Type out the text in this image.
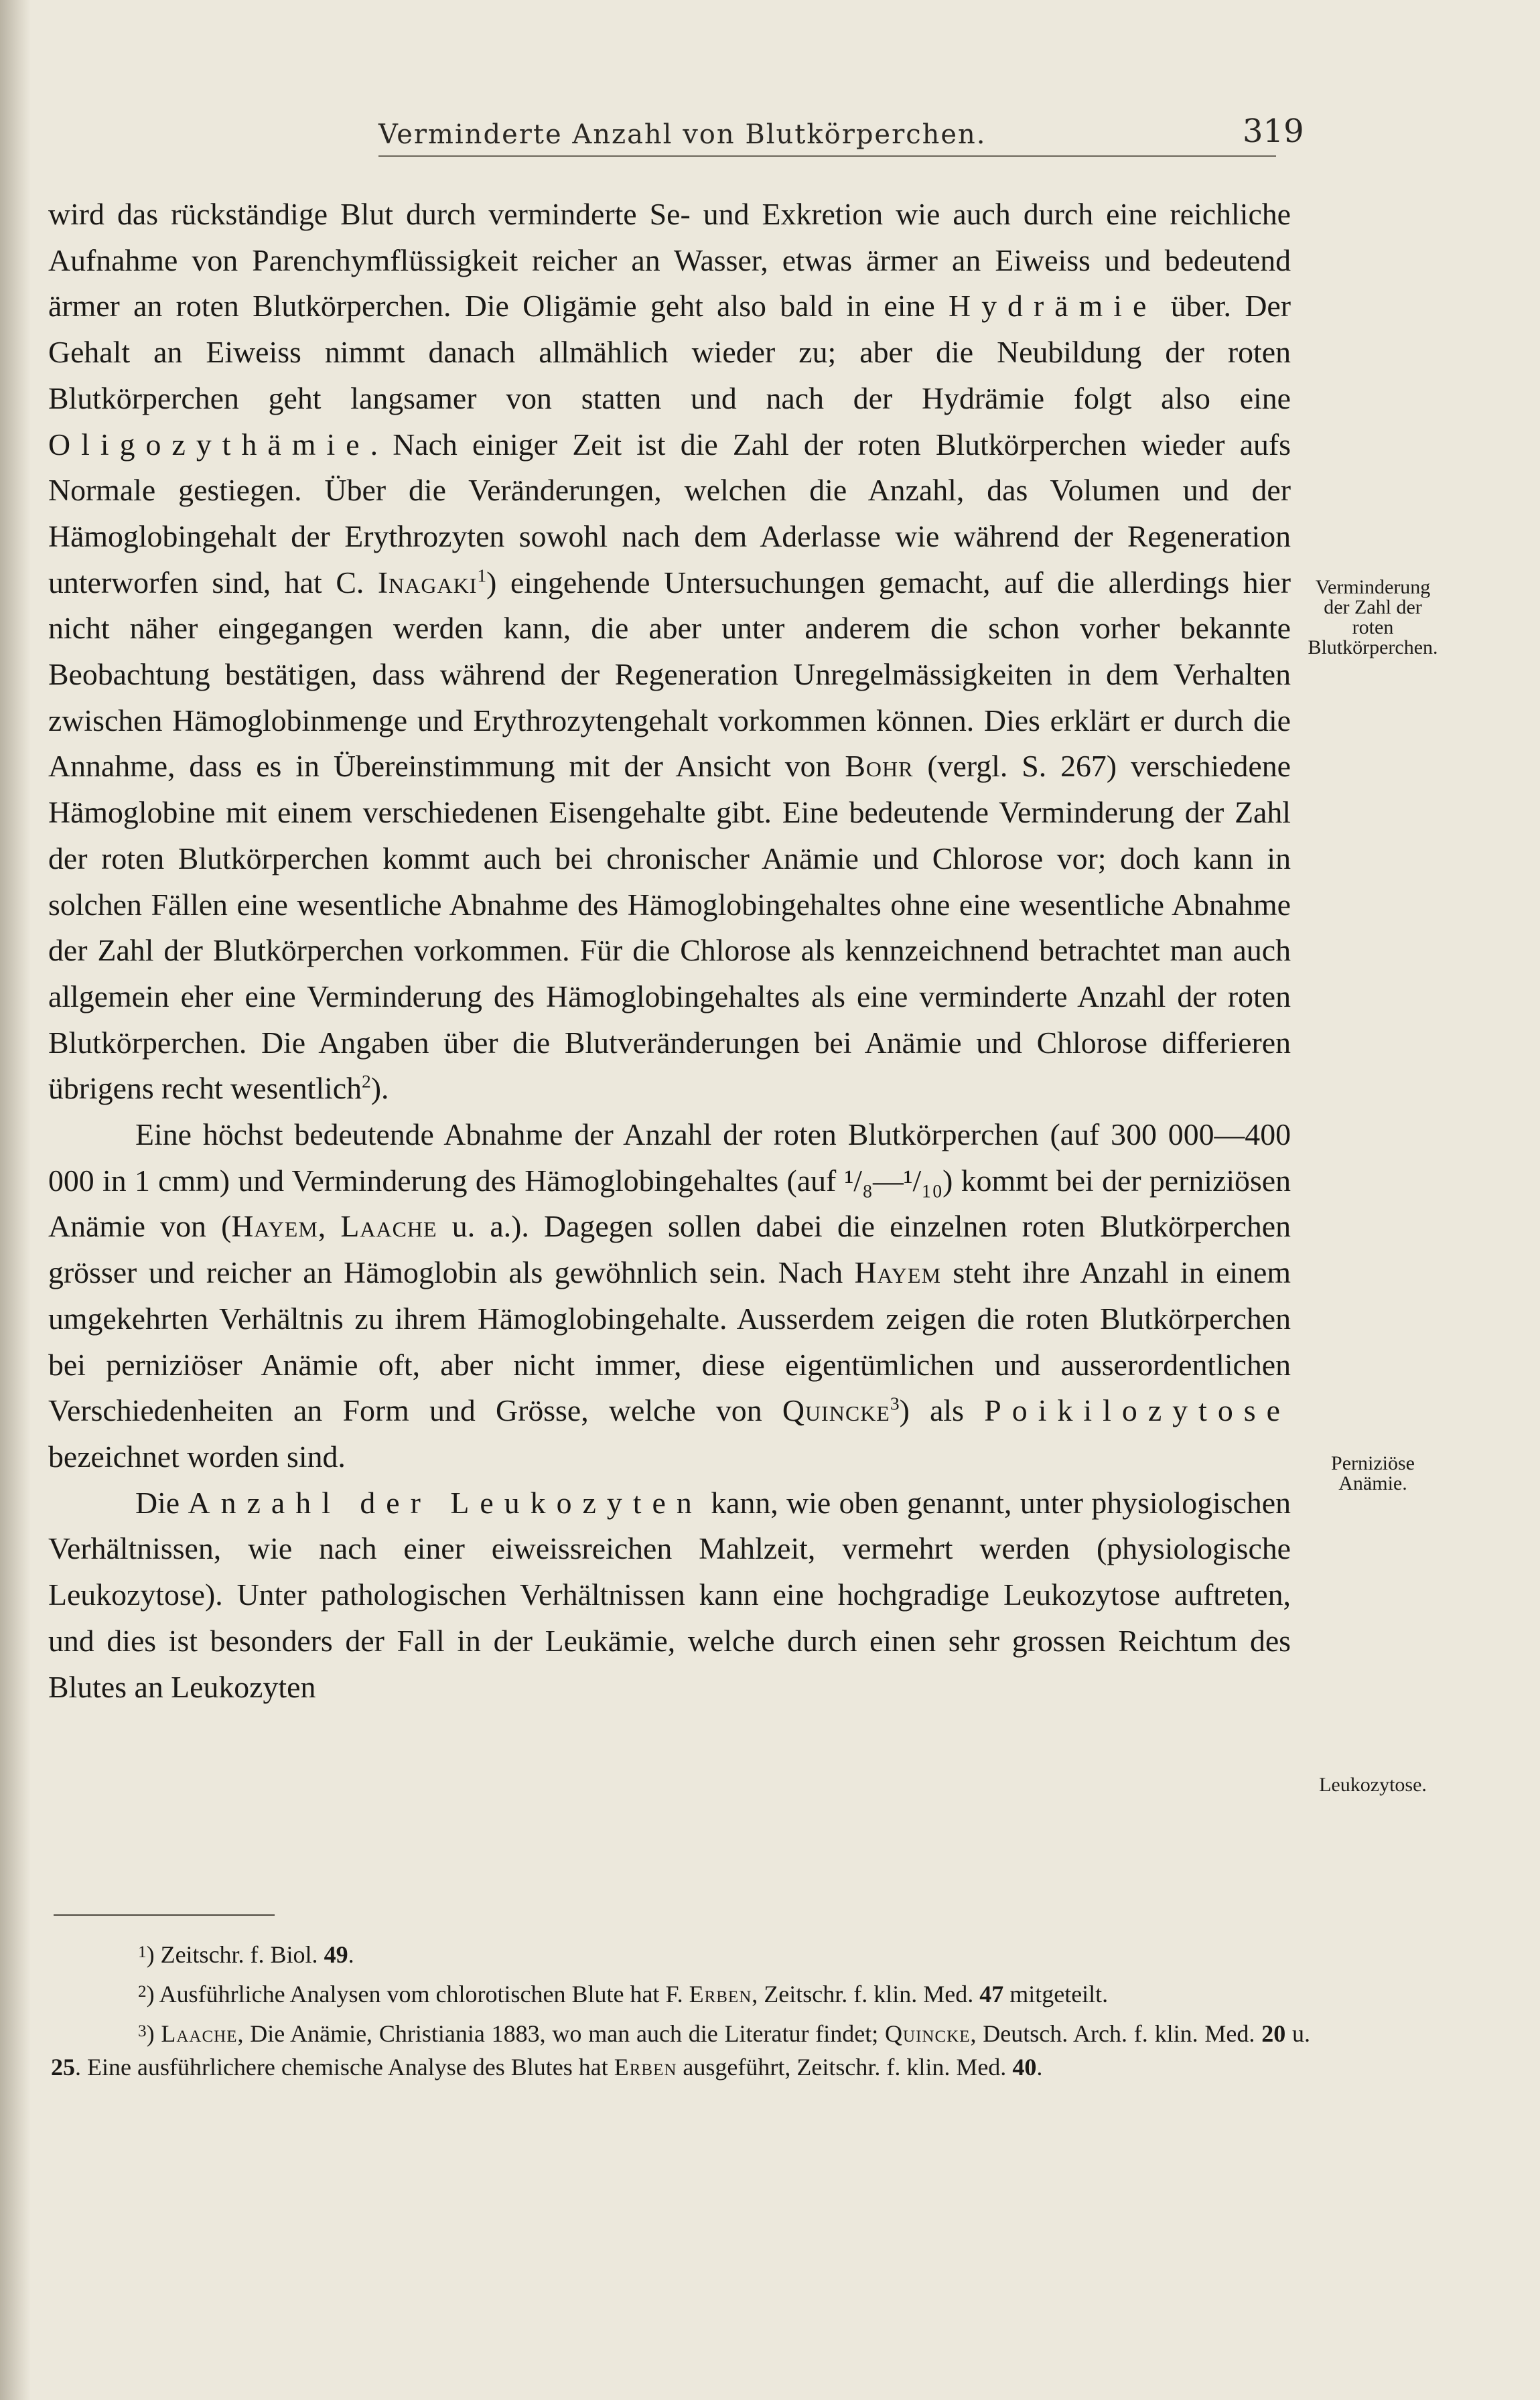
Verminderte Anzahl von Blutkörperchen.	319

wird das rückständige Blut durch verminderte Se- und Exkretion wie auch durch eine reichliche Aufnahme von Parenchymflüssigkeit reicher an Wasser, etwas ärmer an Eiweiss und bedeutend ärmer an roten Blutkörperchen. Die Oligämie geht also bald in eine Hydrämie über. Der Gehalt an Eiweiss nimmt danach allmählich wieder zu; aber die Neubildung der roten Blutkörperchen geht langsamer von statten und nach der Hydrämie folgt also eine Oligozythämie. Nach einiger Zeit ist die Zahl der roten Blutkörperchen wieder aufs Normale gestiegen. Über die Veränderungen, welchen die Anzahl, das Volumen und der Hämoglobingehalt der Erythrozyten sowohl nach dem Aderlasse wie während der Regeneration unterworfen sind, hat C. Inagaki$^1$) eingehende Untersuchungen gemacht, auf die allerdings hier nicht näher eingegangen werden kann, die aber unter anderem die schon vorher bekannte Beobachtung bestätigen, dass während der Regeneration Unregelmässigkeiten in dem Verhalten zwischen Hämoglobinmenge und Erythrozytengehalt vorkommen können. Dies erklärt er durch die Annahme, dass es in Übereinstimmung mit der Ansicht von Bohr (vergl. S. 267) verschiedene Hämoglobine mit einem verschiedenen Eisengehalte gibt. Eine bedeutende Verminderung der Zahl der roten Blutkörperchen kommt auch bei chronischer Anämie und Chlorose vor; doch kann in solchen Fällen eine wesentliche Abnahme des Hämoglobingehaltes ohne eine wesentliche Abnahme der Zahl der Blutkörperchen vorkommen. Für die Chlorose als kennzeichnend betrachtet man auch allgemein eher eine Verminderung des Hämoglobingehaltes als eine verminderte Anzahl der roten Blutkörperchen. Die Angaben über die Blutveränderungen bei Anämie und Chlorose differieren übrigens recht wesentlich$^2$).

Eine höchst bedeutende Abnahme der Anzahl der roten Blutkörperchen (auf 300 000—400 000 in 1 cmm) und Verminderung des Hämoglobingehaltes (auf ¹/₈—¹/₁₀) kommt bei der perniziösen Anämie von (Hayem, Laache u. a.). Dagegen sollen dabei die einzelnen roten Blutkörperchen grösser und reicher an Hämoglobin als gewöhnlich sein. Nach Hayem steht ihre Anzahl in einem umgekehrten Verhältnis zu ihrem Hämoglobingehalte. Ausserdem zeigen die roten Blutkörperchen bei perniziöser Anämie oft, aber nicht immer, diese eigentümlichen und ausserordentlichen Verschiedenheiten an Form und Grösse, welche von Quincke$^3$) als Poikilozytose bezeichnet worden sind.

Die Anzahl der Leukozyten kann, wie oben genannt, unter physiologischen Verhältnissen, wie nach einer eiweissreichen Mahlzeit, vermehrt werden (physiologische Leukozytose). Unter pathologischen Verhältnissen kann eine hochgradige Leukozytose auftreten, und dies ist besonders der Fall in der Leukämie, welche durch einen sehr grossen Reichtum des Blutes an Leukozyten

Verminderung der Zahl der roten Blutkörperchen.
Perniziöse Anämie.
Leukozytose.

$^1$) Zeitschr. f. Biol. 49.

$^2$) Ausführliche Analysen vom chlorotischen Blute hat F. Erben, Zeitschr. f. klin. Med. 47 mitgeteilt.

$^3$) Laache, Die Anämie, Christiania 1883, wo man auch die Literatur findet; Quincke, Deutsch. Arch. f. klin. Med. 20 u. 25. Eine ausführlichere chemische Analyse des Blutes hat Erben ausgeführt, Zeitschr. f. klin. Med. 40.
